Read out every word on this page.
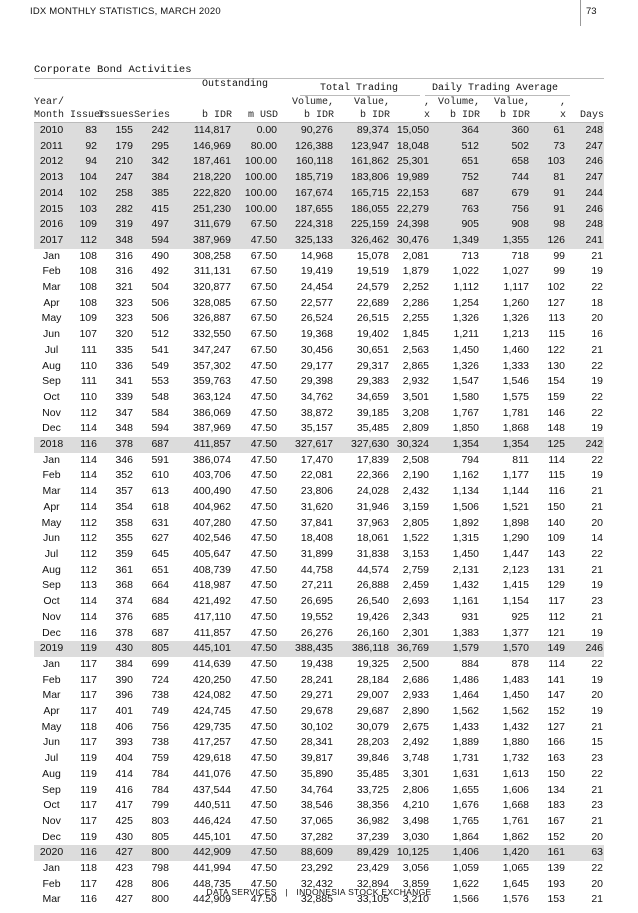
IDX MONTHLY STATISTICS, MARCH 2020	73
Corporate Bond Activities
Outstanding	Total Trading	Daily Trading Average
Year/						Volume,	Value,	,	Volume,	Value,	,	
Month	Issuer	Issues	Series	b IDR	m USD	b IDR	b IDR	x	b IDR	b IDR	x	Days
2010	83	155	242	114,817	0.00	90,276	89,374	15,050	364	360	61	248
2011	92	179	295	146,969	80.00	126,388	123,947	18,048	512	502	73	247
2012	94	210	342	187,461	100.00	160,118	161,862	25,301	651	658	103	246
2013	104	247	384	218,220	100.00	185,719	183,806	19,989	752	744	81	247
2014	102	258	385	222,820	100.00	167,674	165,715	22,153	687	679	91	244
2015	103	282	415	251,230	100.00	187,655	186,055	22,279	763	756	91	246
2016	109	319	497	311,679	67.50	224,318	225,159	24,398	905	908	98	248
2017	112	348	594	387,969	47.50	325,133	326,462	30,476	1,349	1,355	126	241
Jan	108	316	490	308,258	67.50	14,968	15,078	2,081	713	718	99	21
Feb	108	316	492	311,131	67.50	19,419	19,519	1,879	1,022	1,027	99	19
Mar	108	321	504	320,877	67.50	24,454	24,579	2,252	1,112	1,117	102	22
Apr	108	323	506	328,085	67.50	22,577	22,689	2,286	1,254	1,260	127	18
May	109	323	506	326,887	67.50	26,524	26,515	2,255	1,326	1,326	113	20
Jun	107	320	512	332,550	67.50	19,368	19,402	1,845	1,211	1,213	115	16
Jul	111	335	541	347,247	67.50	30,456	30,651	2,563	1,450	1,460	122	21
Aug	110	336	549	357,302	47.50	29,177	29,317	2,865	1,326	1,333	130	22
Sep	111	341	553	359,763	47.50	29,398	29,383	2,932	1,547	1,546	154	19
Oct	110	339	548	363,124	47.50	34,762	34,659	3,501	1,580	1,575	159	22
Nov	112	347	584	386,069	47.50	38,872	39,185	3,208	1,767	1,781	146	22
Dec	114	348	594	387,969	47.50	35,157	35,485	2,809	1,850	1,868	148	19
2018	116	378	687	411,857	47.50	327,617	327,630	30,324	1,354	1,354	125	242
Jan	114	346	591	386,074	47.50	17,470	17,839	2,508	794	811	114	22
Feb	114	352	610	403,706	47.50	22,081	22,366	2,190	1,162	1,177	115	19
Mar	114	357	613	400,490	47.50	23,806	24,028	2,432	1,134	1,144	116	21
Apr	114	354	618	404,962	47.50	31,620	31,946	3,159	1,506	1,521	150	21
May	112	358	631	407,280	47.50	37,841	37,963	2,805	1,892	1,898	140	20
Jun	112	355	627	402,546	47.50	18,408	18,061	1,522	1,315	1,290	109	14
Jul	112	359	645	405,647	47.50	31,899	31,838	3,153	1,450	1,447	143	22
Aug	112	361	651	408,739	47.50	44,758	44,574	2,759	2,131	2,123	131	21
Sep	113	368	664	418,987	47.50	27,211	26,888	2,459	1,432	1,415	129	19
Oct	114	374	684	421,492	47.50	26,695	26,540	2,693	1,161	1,154	117	23
Nov	114	376	685	417,110	47.50	19,552	19,426	2,343	931	925	112	21
Dec	116	378	687	411,857	47.50	26,276	26,160	2,301	1,383	1,377	121	19
2019	119	430	805	445,101	47.50	388,435	386,118	36,769	1,579	1,570	149	246
Jan	117	384	699	414,639	47.50	19,438	19,325	2,500	884	878	114	22
Feb	117	390	724	420,250	47.50	28,241	28,184	2,686	1,486	1,483	141	19
Mar	117	396	738	424,082	47.50	29,271	29,007	2,933	1,464	1,450	147	20
Apr	117	401	749	424,745	47.50	29,678	29,687	2,890	1,562	1,562	152	19
May	118	406	756	429,735	47.50	30,102	30,079	2,675	1,433	1,432	127	21
Jun	117	393	738	417,257	47.50	28,341	28,203	2,492	1,889	1,880	166	15
Jul	119	404	759	429,618	47.50	39,817	39,846	3,748	1,731	1,732	163	23
Aug	119	414	784	441,076	47.50	35,890	35,485	3,301	1,631	1,613	150	22
Sep	119	416	784	437,544	47.50	34,764	33,725	2,806	1,655	1,606	134	21
Oct	117	417	799	440,511	47.50	38,546	38,356	4,210	1,676	1,668	183	23
Nov	117	425	803	446,424	47.50	37,065	36,982	3,498	1,765	1,761	167	21
Dec	119	430	805	445,101	47.50	37,282	37,239	3,030	1,864	1,862	152	20
2020	116	427	800	442,909	47.50	88,609	89,429	10,125	1,406	1,420	161	63
Jan	118	423	798	441,994	47.50	23,292	23,429	3,056	1,059	1,065	139	22
Feb	117	428	806	448,735	47.50	32,432	32,894	3,859	1,622	1,645	193	20
Mar	116	427	800	442,909	47.50	32,885	33,105	3,210	1,566	1,576	153	21
DATA SERVICES | INDONESIA STOCK EXCHANGE
